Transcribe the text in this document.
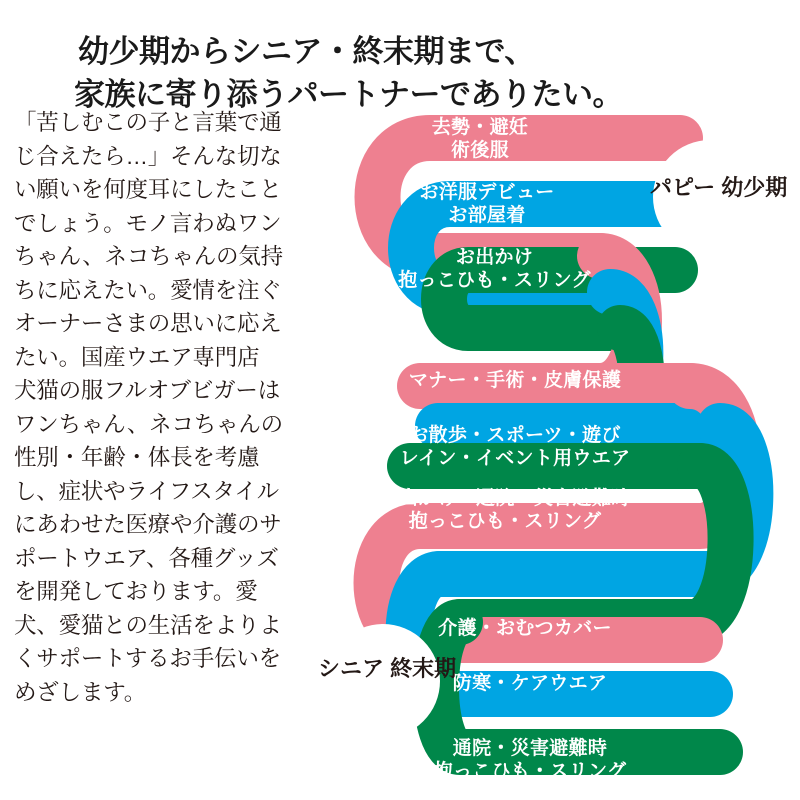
幼少期からシニア・終末期まで、
家族に寄り添うパートナーでありたい。

「苦しむこの子と言葉で通じ合えたら…」そんな切ない願いを何度耳にしたことでしょう。モノ言わぬワンちゃん、ネコちゃんの気持ちに応えたい。愛情を注ぐオーナーさまの思いに応えたい。国産ウエア専門店　犬猫の服フルオブビガーはワンちゃん、ネコちゃんの性別・年齢・体長を考慮し、症状やライフスタイルにあわせた医療や介護のサポートウエア、各種グッズを開発しております。愛犬、愛猫との生活をよりよくサポートするお手伝いをめざします。

去勢・避妊
術後服
お洋服デビュー
お部屋着
お出かけ
抱っこひも・スリング
マナー・手術・皮膚保護
お散歩・スポーツ・遊び
レイン・イベント用ウエア
お出かけ・通院・災害避難時
抱っこひも・スリング
介護・おむつカバー
防寒・ケアウエア
通院・災害避難時
抱っこひも・スリング
パピー 幼少期
シニア 終末期
